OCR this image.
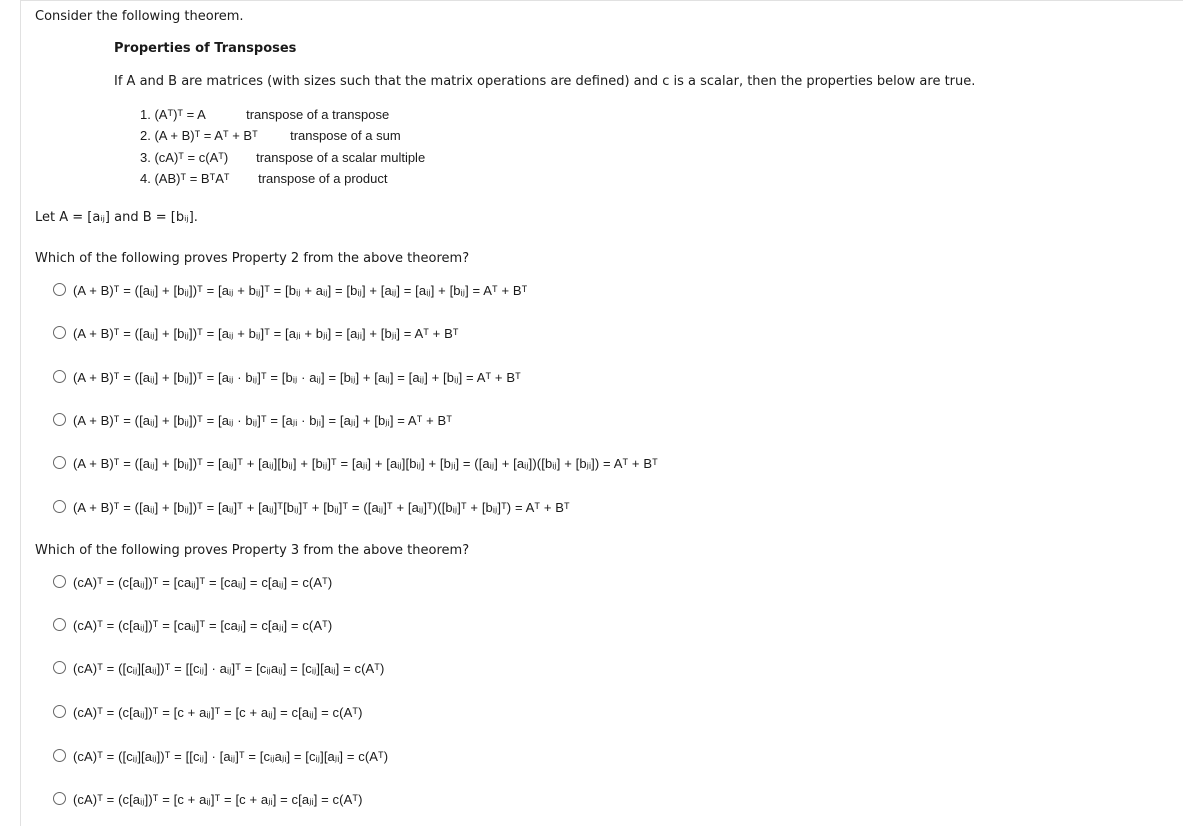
Consider the following theorem.
Properties of Transposes
If A and B are matrices (with sizes such that the matrix operations are defined) and c is a scalar, then the properties below are true.
1. (Aᵀ)ᵀ = A	transpose of a transpose
2. (A + B)ᵀ = Aᵀ + Bᵀ transpose of a sum
3. (cA)ᵀ = c(Aᵀ) transpose of a scalar multiple
4. (AB)ᵀ = BᵀAᵀ transpose of a product
Let A = [aᵢⱼ] and B = [bᵢⱼ].
Which of the following proves Property 2 from the above theorem?
(A + B)ᵀ = ([aᵢⱼ] + [bᵢⱼ])ᵀ = [aᵢⱼ + bᵢⱼ]ᵀ = [bᵢⱼ + aᵢⱼ] = [bᵢⱼ] + [aᵢⱼ] = [aᵢⱼ] + [bᵢⱼ] = Aᵀ + Bᵀ
(A + B)ᵀ = ([aᵢⱼ] + [bᵢⱼ])ᵀ = [aᵢⱼ + bᵢⱼ]ᵀ = [aⱼᵢ + bⱼᵢ] = [aⱼᵢ] + [bⱼᵢ] = Aᵀ + Bᵀ
(A + B)ᵀ = ([aᵢⱼ] + [bᵢⱼ])ᵀ = [aᵢⱼ · bᵢⱼ]ᵀ = [bᵢⱼ · aᵢⱼ] = [bᵢⱼ] + [aᵢⱼ] = [aᵢⱼ] + [bᵢⱼ] = Aᵀ + Bᵀ
(A + B)ᵀ = ([aᵢⱼ] + [bᵢⱼ])ᵀ = [aᵢⱼ · bᵢⱼ]ᵀ = [aⱼᵢ · bⱼᵢ] = [aⱼᵢ] + [bⱼᵢ] = Aᵀ + Bᵀ
(A + B)ᵀ = ([aᵢⱼ] + [bᵢⱼ])ᵀ = [aᵢⱼ]ᵀ + [aᵢⱼ][bᵢⱼ] + [bᵢⱼ]ᵀ = [aⱼᵢ] + [aᵢⱼ][bᵢⱼ] + [bⱼᵢ] = ([aᵢⱼ] + [aᵢⱼ])([bᵢⱼ] + [bⱼᵢ]) = Aᵀ + Bᵀ
(A + B)ᵀ = ([aᵢⱼ] + [bᵢⱼ])ᵀ = [aᵢⱼ]ᵀ + [aᵢⱼ]ᵀ[bᵢⱼ]ᵀ + [bᵢⱼ]ᵀ = ([aᵢⱼ]ᵀ + [aᵢⱼ]ᵀ)([bᵢⱼ]ᵀ + [bᵢⱼ]ᵀ) = Aᵀ + Bᵀ
Which of the following proves Property 3 from the above theorem?
(cA)ᵀ = (c[aᵢⱼ])ᵀ = [caᵢⱼ]ᵀ = [caᵢⱼ] = c[aᵢⱼ] = c(Aᵀ)
(cA)ᵀ = (c[aᵢⱼ])ᵀ = [caᵢⱼ]ᵀ = [caⱼᵢ] = c[aⱼᵢ] = c(Aᵀ)
(cA)ᵀ = ([cᵢⱼ][aᵢⱼ])ᵀ = [[cᵢⱼ] · aᵢⱼ]ᵀ = [cᵢⱼaᵢⱼ] = [cᵢⱼ][aᵢⱼ] = c(Aᵀ)
(cA)ᵀ = (c[aᵢⱼ])ᵀ = [c + aᵢⱼ]ᵀ = [c + aᵢⱼ] = c[aᵢⱼ] = c(Aᵀ)
(cA)ᵀ = ([cᵢⱼ][aᵢⱼ])ᵀ = [[cᵢⱼ] · [aᵢⱼ]ᵀ = [cᵢⱼaⱼᵢ] = [cᵢⱼ][aⱼᵢ] = c(Aᵀ)
(cA)ᵀ = (c[aᵢⱼ])ᵀ = [c + aᵢⱼ]ᵀ = [c + aⱼᵢ] = c[aⱼᵢ] = c(Aᵀ)
